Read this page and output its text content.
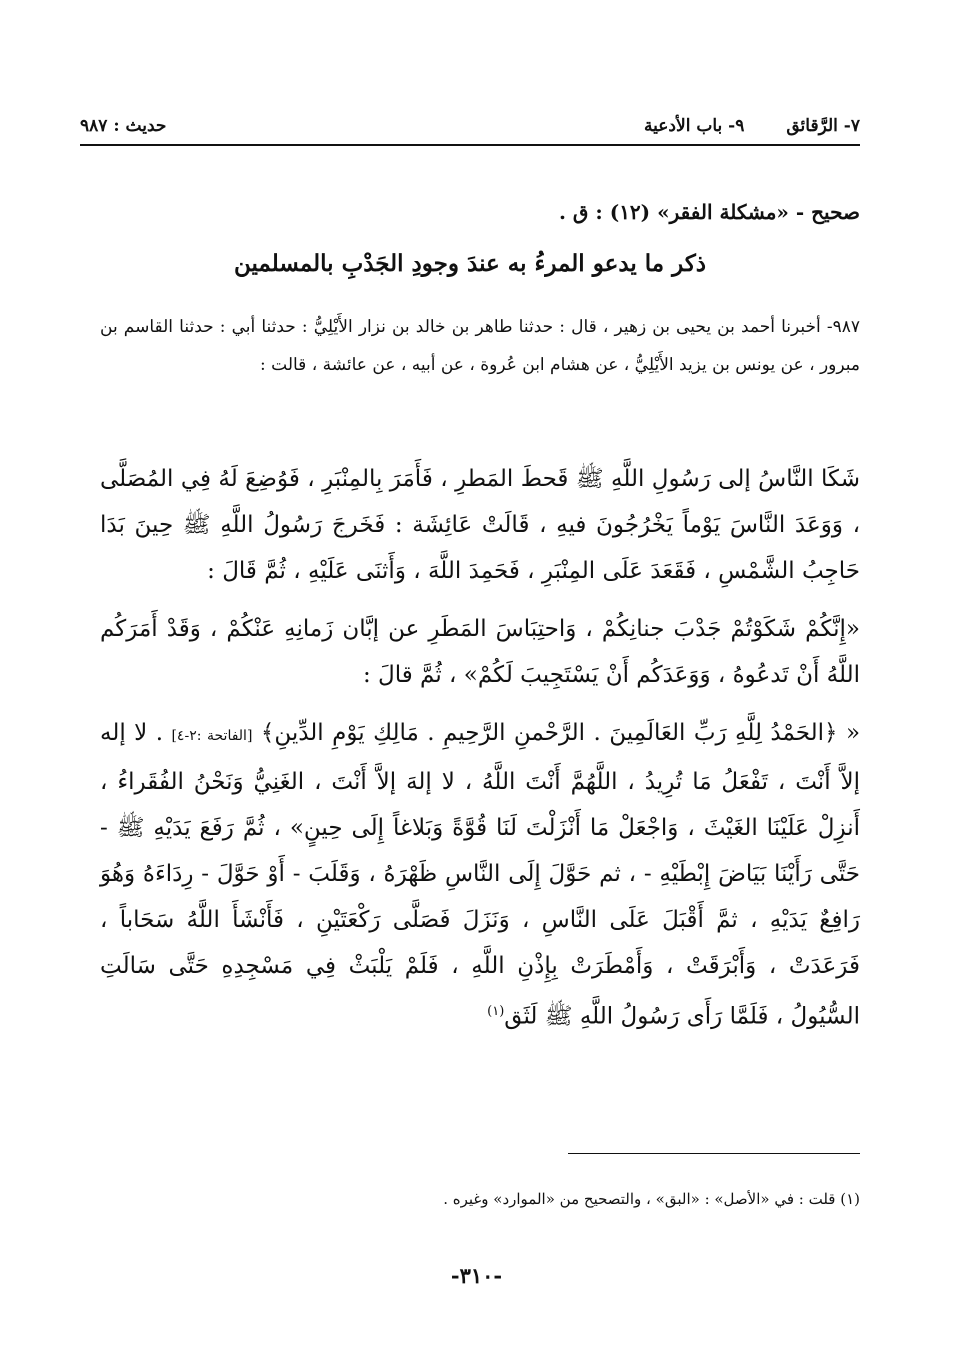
٧- الرَّقائق٩- باب الأدعية
حديث : ٩٨٧
صحيح - «مشكلة الفقر» (١٢) : ق .
ذكر ما يدعو المرءُ به عندَ وجودِ الجَدْبِ بالمسلمين

٩٨٧- أخبرنا أحمد بن يحيى بن زهير ، قال : حدثنا طاهر بن خالد بن نزار الأَيْلِيُّ : حدثنا أبي : حدثنا القاسم بن مبرور ، عن يونس بن يزيد الأَيْلِيُّ ، عن هشام ابن عُروة ، عن أبيه ، عن عائشة ، قالت :

شَكَا النَّاسُ إلى رَسُولِ اللَّهِ ﷺ قَحطَ المَطرِ ، فَأَمَرَ بِالمِنْبَرِ ، فَوُضِعَ لَهُ فِي المُصَلَّى ، وَوَعَدَ النَّاسَ يَوْماً يَخْرُجُونَ فيهِ ، قَالَتْ عَائِشَة : فَخَرجَ رَسُولُ اللَّهِ ﷺ حِينَ بَدَا حَاجِبُ الشَّمْسِ ، فَقَعَدَ عَلَى المِنْبَرِ ، فَحَمِدَ اللَّهَ ، وَأَثنَى عَلَيْهِ ، ثُمَّ قَالَ :

«إِنَّكُمْ شَكَوْتُمْ جَدْبَ جنانِكُمْ ، وَاحتِبَاسَ المَطَرِ عن إبَّان زَمانِهِ عَنْكُمْ ، وَقَدْ أَمَرَكُم اللَّهُ أَنْ تَدعُوهُ ، وَوَعَدَكُم أَنْ يَسْتَجِيبَ لَكُمْ» ، ثُمَّ قالَ :

« ﴿الحَمْدُ لِلَّهِ رَبِّ العَالَمِينَ . الرَّحْمنِ الرَّحِيمِ . مَالِكِ يَوْمِ الدِّينِ﴾ [الفاتحة :٢-٤] . لا إله إلاَّ أَنْتَ ، تَفْعَلُ مَا تُرِيدُ ، اللَّهُمَّ أَنْتَ اللَّهُ ، لا إلهَ إلاَّ أَنْتَ ، الغَنِيُّ وَنَحْنُ الفُقَراءُ ، أَنزِلْ عَلَيْنَا الغَيْثَ ، وَاجْعَلْ مَا أَنْزَلْتَ لَنَا قُوَّةً وَبَلاغاً إِلَى حِينٍ» ، ثُمَّ رَفَعَ يَدَيْهِ ﷺ - حَتَّى رَأَيْنَا بَيَاضَ إِبْطَيْهِ - ، ثم حَوَّلَ إِلَى النَّاسِ ظَهْرَهُ ، وَقَلَبَ - أَوْ حَوَّلَ - رِدَاءَهُ وَهُوَ رَافِعٌ يَدَيْهِ ، ثمَّ أَقْبَلَ عَلَى النَّاسِ ، وَنَزَلَ فَصَلَّى رَكْعَتَيْنِ ، فَأَنْشَأَ اللَّهُ سَحَاباً ، فَرَعَدَتْ ، وَأَبْرَقَتْ ، وَأَمْطَرَتْ بِإِذْنِ اللَّهِ ، فَلَمْ يَلْبَثْ فِي مَسْجِدِهِ حَتَّى سَالَتِ السُّيُولُ ، فَلَمَّا رَأَى رَسُولُ اللَّهِ ﷺ لَثَق$^{(١)}$

(١) قلت : في «الأصل» : «البق» ، والتصحيح من «الموارد» وغيره .
-٣١٠-
